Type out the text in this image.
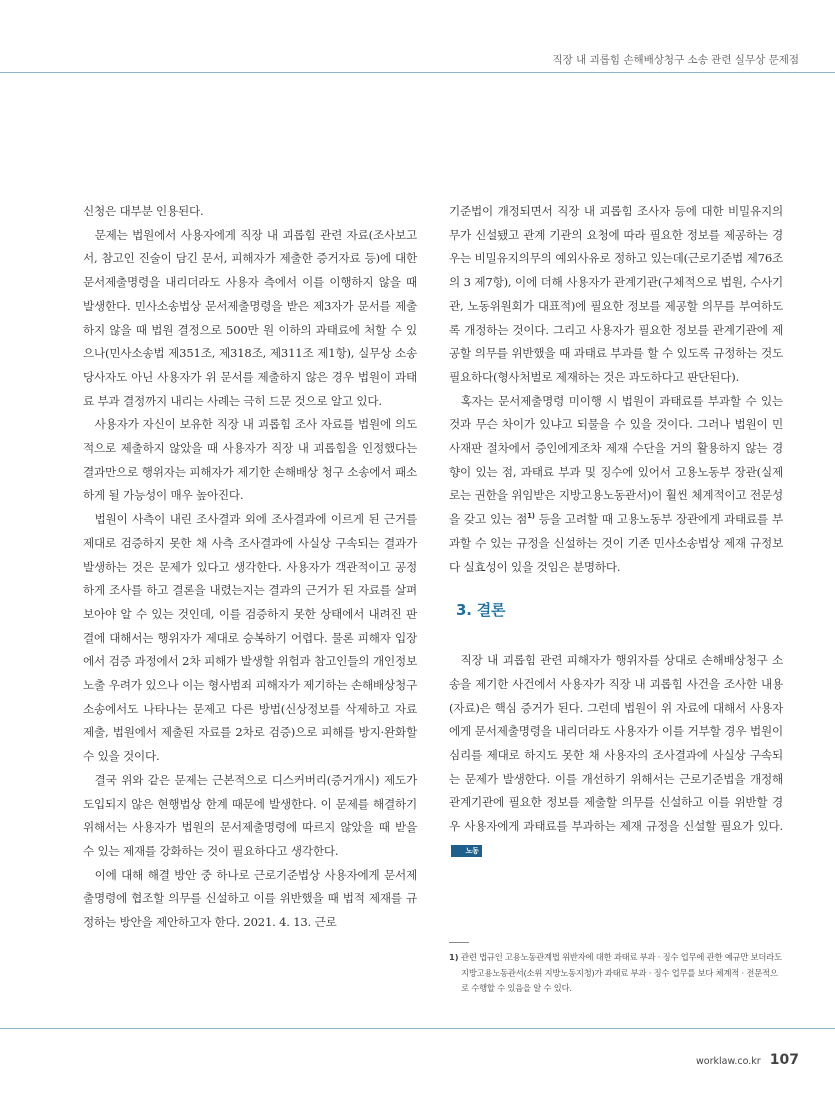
직장 내 괴롭힘 손해배상청구 소송 관련 실무상 문제점

신청은 대부분 인용된다.

문제는 법원에서 사용자에게 직장 내 괴롭힘 관련 자료(조사보고서, 참고인 진술이 담긴 문서, 피해자가 제출한 증거자료 등)에 대한 문서제출명령을 내리더라도 사용자 측에서 이를 이행하지 않을 때 발생한다. 민사소송법상 문서제출명령을 받은 제3자가 문서를 제출하지 않을 때 법원 결정으로 500만 원 이하의 과태료에 처할 수 있으나(민사소송법 제351조, 제318조, 제311조 제1항), 실무상 소송 당사자도 아닌 사용자가 위 문서를 제출하지 않은 경우 법원이 과태료 부과 결정까지 내리는 사례는 극히 드문 것으로 알고 있다.

사용자가 자신이 보유한 직장 내 괴롭힘 조사 자료를 법원에 의도적으로 제출하지 않았을 때 사용자가 직장 내 괴롭힘을 인정했다는 결과만으로 행위자는 피해자가 제기한 손해배상 청구 소송에서 패소하게 될 가능성이 매우 높아진다.

법원이 사측이 내린 조사결과 외에 조사결과에 이르게 된 근거를 제대로 검증하지 못한 채 사측 조사결과에 사실상 구속되는 결과가 발생하는 것은 문제가 있다고 생각한다. 사용자가 객관적이고 공정하게 조사를 하고 결론을 내렸는지는 결과의 근거가 된 자료를 살펴보아야 알 수 있는 것인데, 이를 검증하지 못한 상태에서 내려진 판결에 대해서는 행위자가 제대로 승복하기 어렵다. 물론 피해자 입장에서 검증 과정에서 2차 피해가 발생할 위험과 참고인들의 개인정보 노출 우려가 있으나 이는 형사범죄 피해자가 제기하는 손해배상청구 소송에서도 나타나는 문제고 다른 방법(신상정보를 삭제하고 자료 제출, 법원에서 제출된 자료를 2차로 검증)으로 피해를 방지·완화할 수 있을 것이다.

결국 위와 같은 문제는 근본적으로 디스커버리(증거개시) 제도가 도입되지 않은 현행법상 한계 때문에 발생한다. 이 문제를 해결하기 위해서는 사용자가 법원의 문서제출명령에 따르지 않았을 때 받을 수 있는 제재를 강화하는 것이 필요하다고 생각한다.

이에 대해 해결 방안 중 하나로 근로기준법상 사용자에게 문서제출명령에 협조할 의무를 신설하고 이를 위반했을 때 법적 제재를 규정하는 방안을 제안하고자 한다. 2021. 4. 13. 근로

기준법이 개정되면서 직장 내 괴롭힘 조사자 등에 대한 비밀유지의무가 신설됐고 관계 기관의 요청에 따라 필요한 정보를 제공하는 경우는 비밀유지의무의 예외사유로 정하고 있는데(근로기준법 제76조의 3 제7항), 이에 더해 사용자가 관계기관(구체적으로 법원, 수사기관, 노동위원회가 대표적)에 필요한 정보를 제공할 의무를 부여하도록 개정하는 것이다. 그리고 사용자가 필요한 정보를 관계기관에 제공할 의무를 위반했을 때 과태료 부과를 할 수 있도록 규정하는 것도 필요하다(형사처벌로 제재하는 것은 과도하다고 판단된다).

혹자는 문서제출명령 미이행 시 법원이 과태료를 부과할 수 있는 것과 무슨 차이가 있냐고 되물을 수 있을 것이다. 그러나 법원이 민사재판 절차에서 증인에게조차 제재 수단을 거의 활용하지 않는 경향이 있는 점, 과태료 부과 및 징수에 있어서 고용노동부 장관(실제로는 권한을 위임받은 지방고용노동관서)이 훨씬 체계적이고 전문성을 갖고 있는 점$^{1)}$ 등을 고려할 때 고용노동부 장관에게 과태료를 부과할 수 있는 규정을 신설하는 것이 기존 민사소송법상 제재 규정보다 실효성이 있을 것임은 분명하다.

3. 결론

직장 내 괴롭힘 관련 피해자가 행위자를 상대로 손해배상청구 소송을 제기한 사건에서 사용자가 직장 내 괴롭힘 사건을 조사한 내용(자료)은 핵심 증거가 된다. 그런데 법원이 위 자료에 대해서 사용자에게 문서제출명령을 내리더라도 사용자가 이를 거부할 경우 법원이 심리를 제대로 하지도 못한 채 사용자의 조사결과에 사실상 구속되는 문제가 발생한다. 이를 개선하기 위해서는 근로기준법을 개정해 관계기관에 필요한 정보를 제출할 의무를 신설하고 이를 위반할 경우 사용자에게 과태료를 부과하는 제재 규정을 신설할 필요가 있다.노동

1) 관련 법규인 고용노동관계법 위반자에 대한 과태료 부과 · 징수 업무에 관한 예규만 보더라도 지방고용노동관서(소위 지방노동지청)가 과태료 부과 · 징수 업무를 보다 체계적 · 전문적으로 수행할 수 있음을 알 수 있다.
worklaw.co.kr 107
